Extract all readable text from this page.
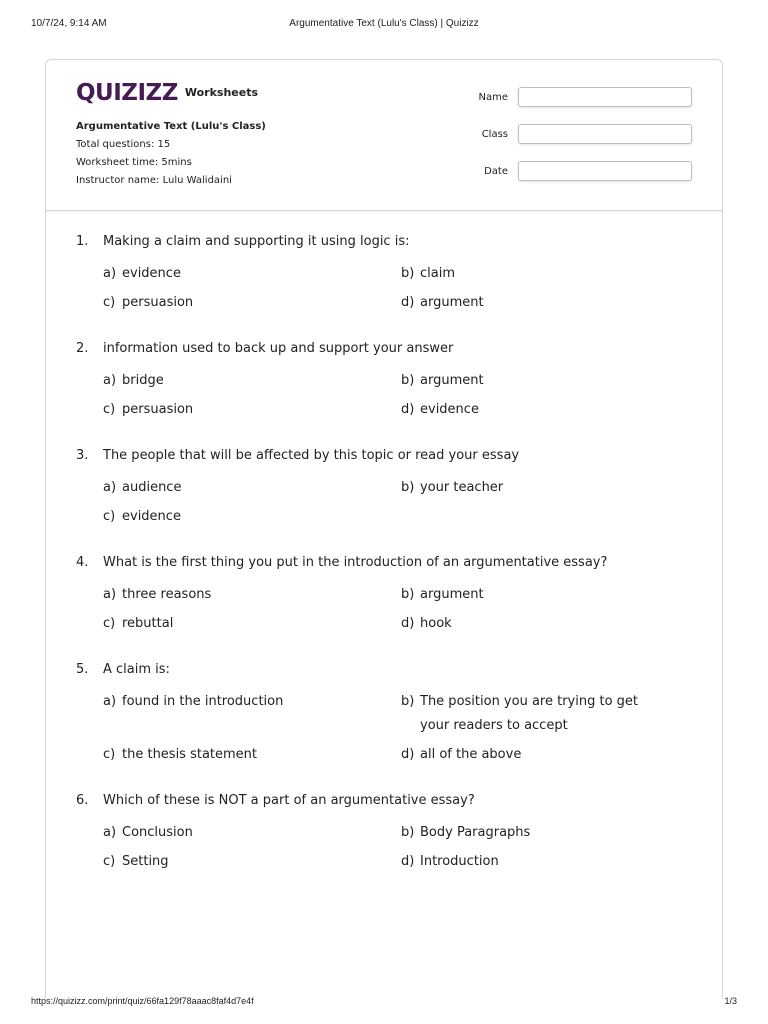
10/7/24, 9:14 AM	Argumentative Text (Lulu's Class) | Quizizz
QUIZIZZ Worksheets
Argumentative Text (Lulu's Class)
Total questions: 15
Worksheet time: 5mins
Instructor name: Lulu Walidaini
Name
Class
Date
1.	Making a claim and supporting it using logic is:
a) evidence	b) claim
c) persuasion	d) argument
2.	information used to back up and support your answer
a) bridge	b) argument
c) persuasion	d) evidence
3.	The people that will be affected by this topic or read your essay
a) audience	b) your teacher
c) evidence
4.	What is the first thing you put in the introduction of an argumentative essay?
a) three reasons	b) argument
c) rebuttal	d) hook
5.	A claim is:
a) found in the introduction	b) The position you are trying to get your readers to accept
c) the thesis statement	d) all of the above
6.	Which of these is NOT a part of an argumentative essay?
a) Conclusion	b) Body Paragraphs
c) Setting	d) Introduction
https://quizizz.com/print/quiz/66fa129f78aaac8faf4d7e4f	1/3
